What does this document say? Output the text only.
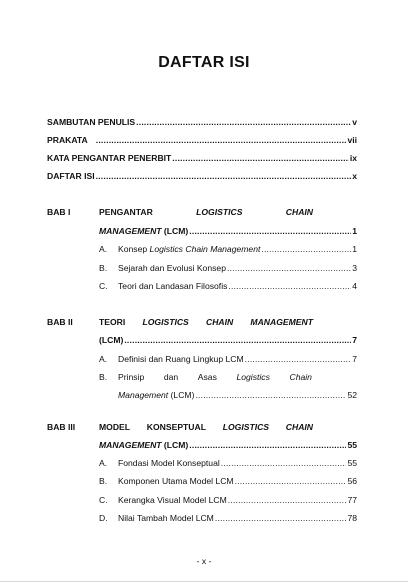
DAFTAR ISI
SAMBUTAN PENULIS .....	v
PRAKATA .....	vii
KATA PENGANTAR PENERBIT .....	ix
DAFTAR ISI .....	x
BAB I	PENGANTAR	LOGISTICS	CHAIN
MANAGEMENT (LCM) .....	1
A. Konsep Logistics Chain Management .....	1
B. Sejarah dan Evolusi Konsep .....	3
C. Teori dan Landasan Filosofis .....	4
BAB II	TEORI LOGISTICS CHAIN MANAGEMENT
(LCM) .....	7
A. Definisi dan Ruang Lingkup LCM .....	7
B. Prinsip dan Asas Logistics Chain
Management (LCM) .....	52
BAB III	MODEL KONSEPTUAL LOGISTICS CHAIN
MANAGEMENT (LCM) .....	55
A. Fondasi Model Konseptual .....	55
B. Komponen Utama Model LCM .....	56
C. Kerangka Visual Model LCM .....	77
D. Nilai Tambah Model LCM .....	78
- x -
